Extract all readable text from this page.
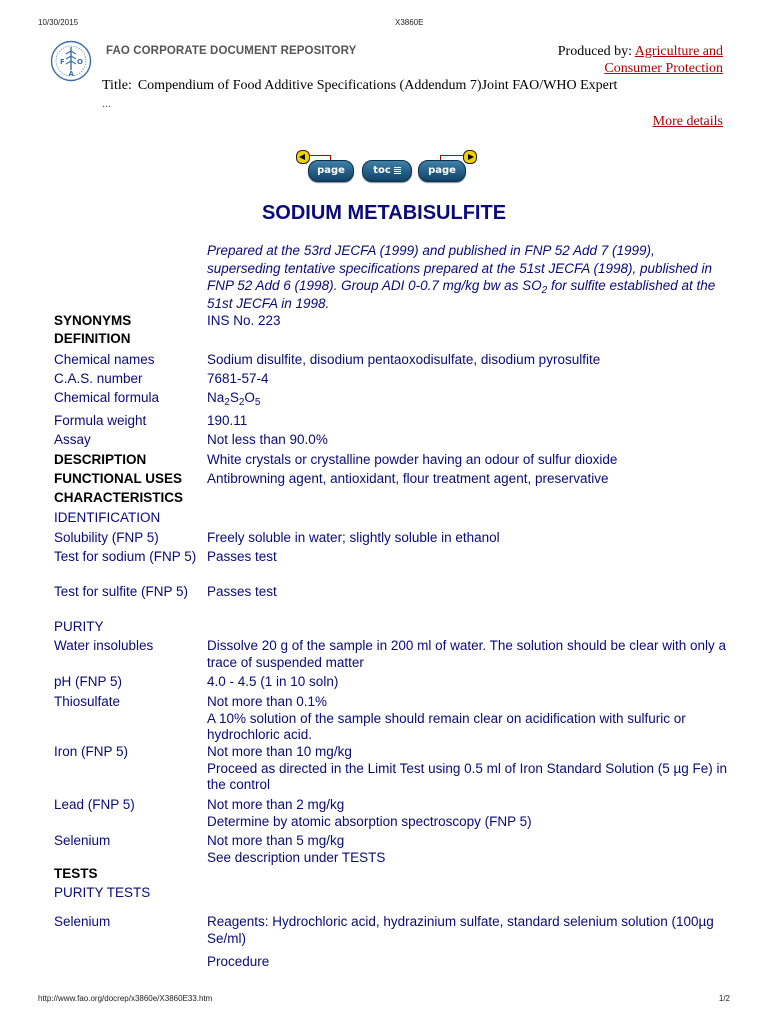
10/30/2015	X3860E
F
A
O
FAO CORPORATE DOCUMENT REPOSITORY	Produced by: Agriculture and
Consumer Protection
Title: Compendium of Food Additive Specifications (Addendum 7)Joint FAO/WHO Expert
...
More details
page	toc	page
SODIUM METABISULFITE
Prepared at the 53rd JECFA (1999) and published in FNP 52 Add 7 (1999), superseding tentative specifications prepared at the 51st JECFA (1998), published in FNP 52 Add 6 (1998). Group ADI 0-0.7 mg/kg bw as $SO_2$ for sulfite established at the 51st JECFA in 1998.
SYNONYMS	INS No. 223
DEFINITION
Chemical names	Sodium disulfite, disodium pentaoxodisulfate, disodium pyrosulfite
C.A.S. number	7681-57-4
Chemical formula	$Na_2S_2O_5$
Formula weight	190.11
Assay	Not less than 90.0%
DESCRIPTION	White crystals or crystalline powder having an odour of sulfur dioxide
FUNCTIONAL USES	Antibrowning agent, antioxidant, flour treatment agent, preservative
CHARACTERISTICS
IDENTIFICATION
Solubility (FNP 5)	Freely soluble in water; slightly soluble in ethanol
Test for sodium (FNP 5) Passes test
Test for sulfite (FNP 5)	Passes test
PURITY
Water insolubles	Dissolve 20 g of the sample in 200 ml of water. The solution should be clear with only a trace of suspended matter
pH (FNP 5)	4.0 - 4.5 (1 in 10 soln)
Thiosulfate	Not more than 0.1%
A 10% solution of the sample should remain clear on acidification with sulfuric or hydrochloric acid.
Iron (FNP 5)	Not more than 10 mg/kg
Proceed as directed in the Limit Test using 0.5 ml of Iron Standard Solution (5 µg Fe) in the control
Lead (FNP 5)	Not more than 2 mg/kg
Determine by atomic absorption spectroscopy (FNP 5)
Selenium	Not more than 5 mg/kg
See description under TESTS
TESTS
PURITY TESTS
Selenium	Reagents: Hydrochloric acid, hydrazinium sulfate, standard selenium solution (100µg Se/ml)
Procedure
http://www.fao.org/docrep/x3860e/X3860E33.htm	1/2
